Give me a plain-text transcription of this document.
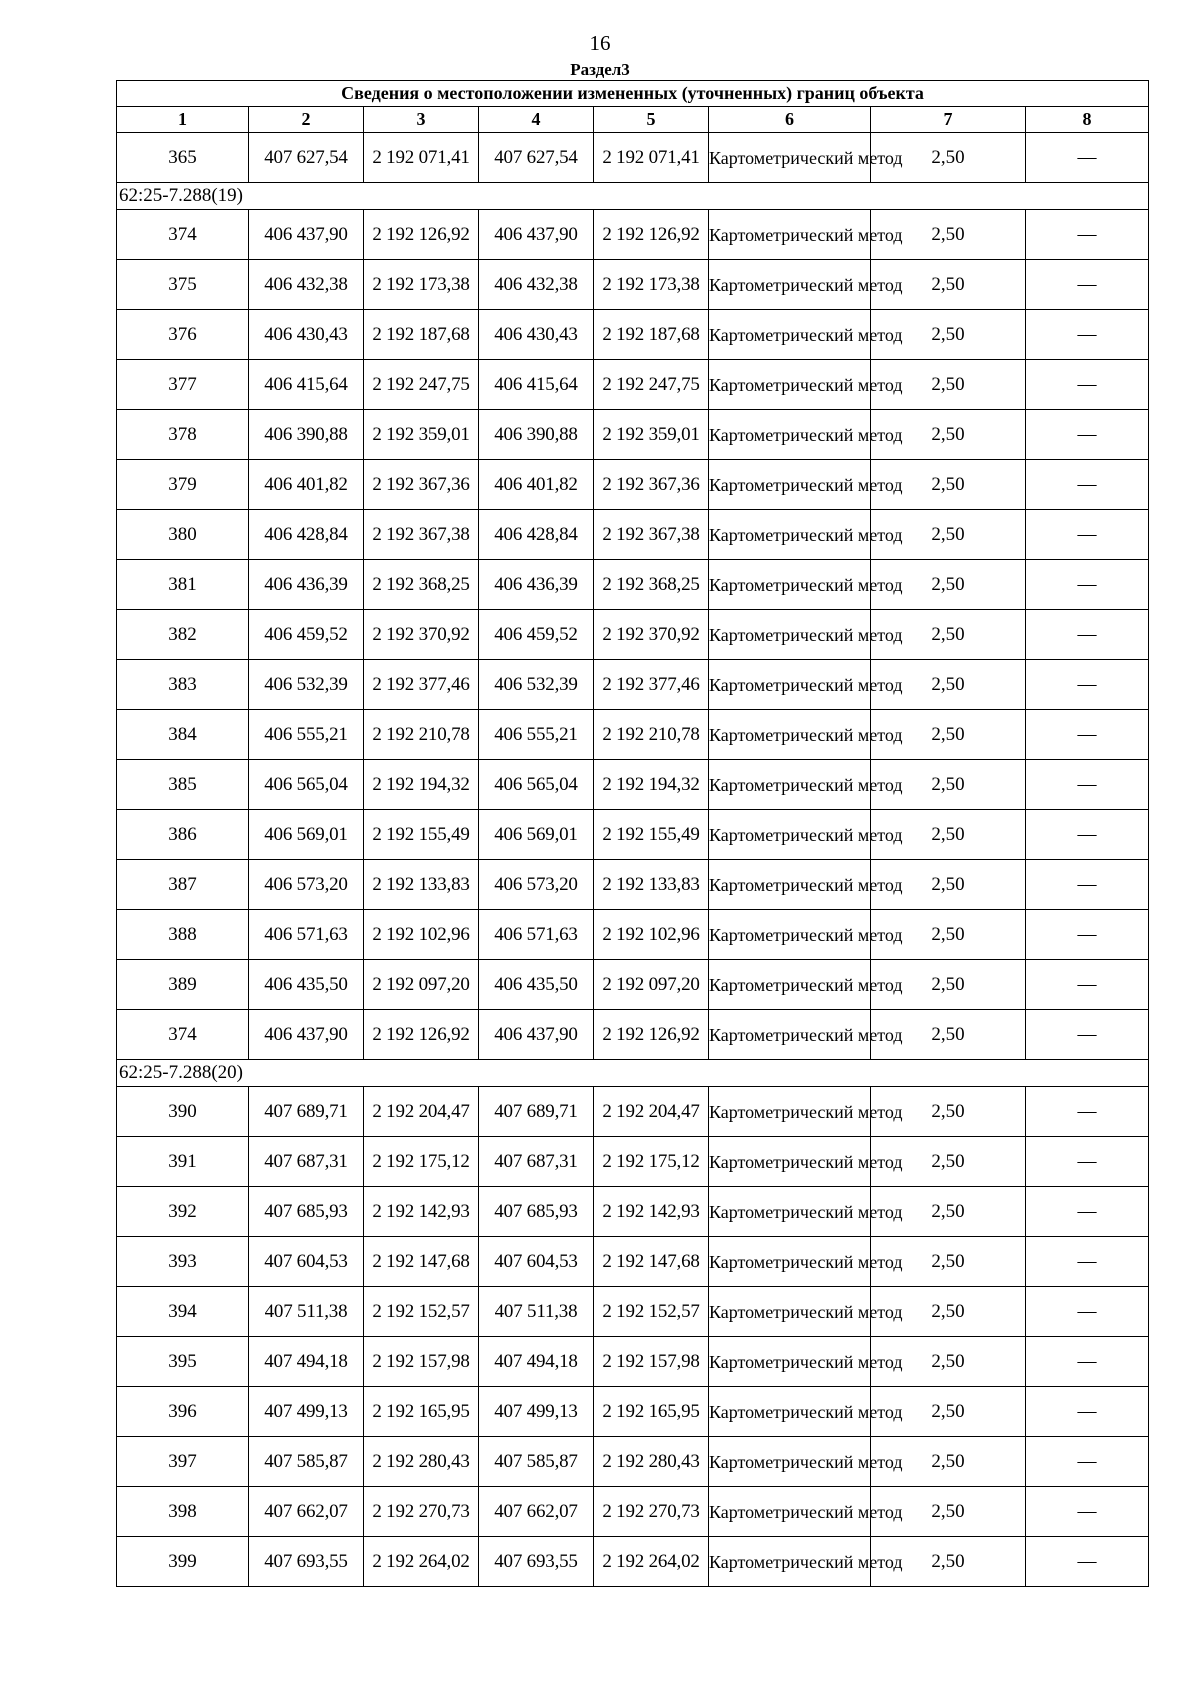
16
Раздел3
Сведения о местоположении измененных (уточненных) границ объекта							
1	2	3	4	5	6	7	8
365	407 627,54	2 192 071,41	407 627,54	2 192 071,41	Картометрический метод	2,50	—
62:25-7.288(19)							
374	406 437,90	2 192 126,92	406 437,90	2 192 126,92	Картометрический метод	2,50	—
375	406 432,38	2 192 173,38	406 432,38	2 192 173,38	Картометрический метод	2,50	—
376	406 430,43	2 192 187,68	406 430,43	2 192 187,68	Картометрический метод	2,50	—
377	406 415,64	2 192 247,75	406 415,64	2 192 247,75	Картометрический метод	2,50	—
378	406 390,88	2 192 359,01	406 390,88	2 192 359,01	Картометрический метод	2,50	—
379	406 401,82	2 192 367,36	406 401,82	2 192 367,36	Картометрический метод	2,50	—
380	406 428,84	2 192 367,38	406 428,84	2 192 367,38	Картометрический метод	2,50	—
381	406 436,39	2 192 368,25	406 436,39	2 192 368,25	Картометрический метод	2,50	—
382	406 459,52	2 192 370,92	406 459,52	2 192 370,92	Картометрический метод	2,50	—
383	406 532,39	2 192 377,46	406 532,39	2 192 377,46	Картометрический метод	2,50	—
384	406 555,21	2 192 210,78	406 555,21	2 192 210,78	Картометрический метод	2,50	—
385	406 565,04	2 192 194,32	406 565,04	2 192 194,32	Картометрический метод	2,50	—
386	406 569,01	2 192 155,49	406 569,01	2 192 155,49	Картометрический метод	2,50	—
387	406 573,20	2 192 133,83	406 573,20	2 192 133,83	Картометрический метод	2,50	—
388	406 571,63	2 192 102,96	406 571,63	2 192 102,96	Картометрический метод	2,50	—
389	406 435,50	2 192 097,20	406 435,50	2 192 097,20	Картометрический метод	2,50	—
374	406 437,90	2 192 126,92	406 437,90	2 192 126,92	Картометрический метод	2,50	—
62:25-7.288(20)							
390	407 689,71	2 192 204,47	407 689,71	2 192 204,47	Картометрический метод	2,50	—
391	407 687,31	2 192 175,12	407 687,31	2 192 175,12	Картометрический метод	2,50	—
392	407 685,93	2 192 142,93	407 685,93	2 192 142,93	Картометрический метод	2,50	—
393	407 604,53	2 192 147,68	407 604,53	2 192 147,68	Картометрический метод	2,50	—
394	407 511,38	2 192 152,57	407 511,38	2 192 152,57	Картометрический метод	2,50	—
395	407 494,18	2 192 157,98	407 494,18	2 192 157,98	Картометрический метод	2,50	—
396	407 499,13	2 192 165,95	407 499,13	2 192 165,95	Картометрический метод	2,50	—
397	407 585,87	2 192 280,43	407 585,87	2 192 280,43	Картометрический метод	2,50	—
398	407 662,07	2 192 270,73	407 662,07	2 192 270,73	Картометрический метод	2,50	—
399	407 693,55	2 192 264,02	407 693,55	2 192 264,02	Картометрический метод	2,50	—
